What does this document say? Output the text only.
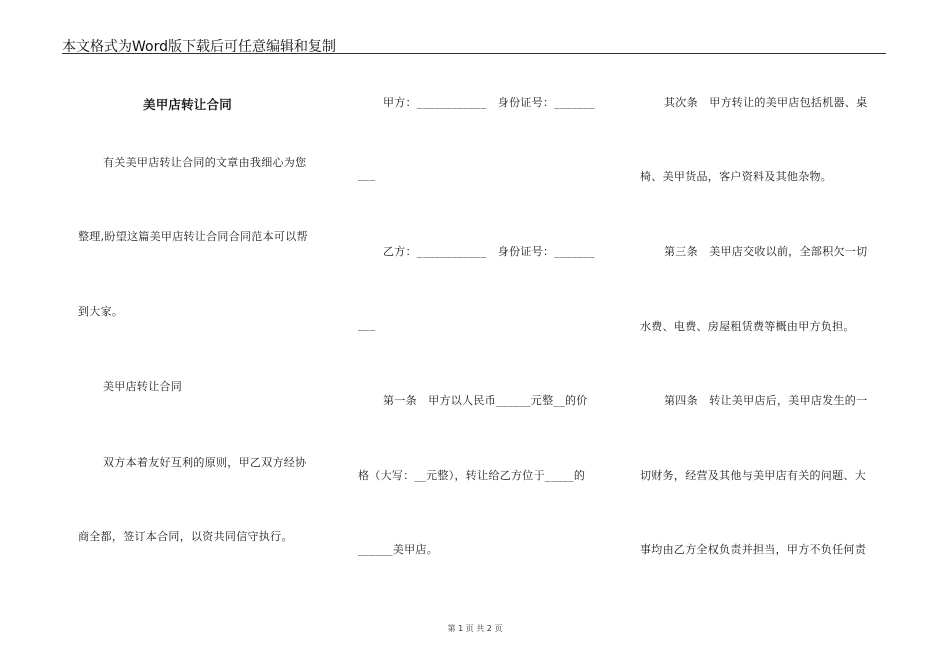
本文格式为Word版下载后可任意编辑和复制
美甲店转让合同
有关美甲店转让合同的文章由我细心为您
整理,盼望这篇美甲店转让合同合同范本可以帮
到大家。
美甲店转让合同
双方本着友好互利的原则，甲乙双方经协
商全都，签订本合同，以资共同信守执行。
甲方：____________　身份证号：_______
___
乙方：____________　身份证号：_______
___
第一条　甲方以人民币______元整__的价
格（大写：__元整），转让给乙方位于_____的
______美甲店。
其次条　甲方转让的美甲店包括机器、桌
椅、美甲货品，客户资料及其他杂物。
第三条　美甲店交收以前，全部积欠一切
水费、电费、房屋租赁费等概由甲方负担。
第四条　转让美甲店后，美甲店发生的一
切财务，经营及其他与美甲店有关的问题、大
事均由乙方全权负责并担当，甲方不负任何责
第 1 页 共 2 页
